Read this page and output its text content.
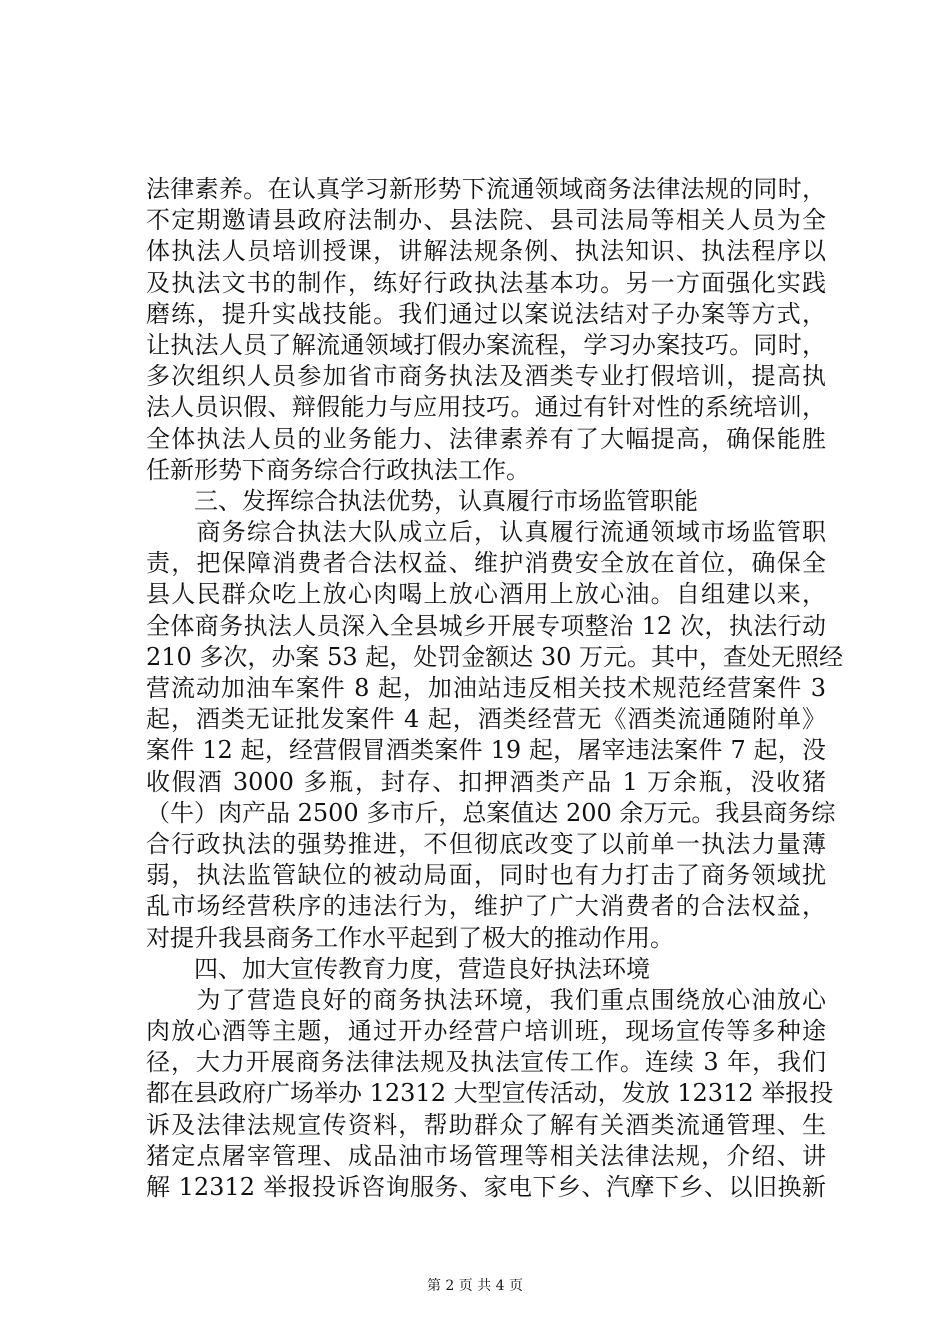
法律素养。在认真学习新形势下流通领域商务法律法规的同时，
不定期邀请县政府法制办、县法院、县司法局等相关人员为全
体执法人员培训授课，讲解法规条例、执法知识、执法程序以
及执法文书的制作，练好行政执法基本功。另一方面强化实践
磨练，提升实战技能。我们通过以案说法结对子办案等方式，
让执法人员了解流通领域打假办案流程，学习办案技巧。同时，
多次组织人员参加省市商务执法及酒类专业打假培训，提高执
法人员识假、辩假能力与应用技巧。通过有针对性的系统培训，
全体执法人员的业务能力、法律素养有了大幅提高，确保能胜
任新形势下商务综合行政执法工作。
　　三、发挥综合执法优势，认真履行市场监管职能
　　商务综合执法大队成立后，认真履行流通领域市场监管职
责，把保障消费者合法权益、维护消费安全放在首位，确保全
县人民群众吃上放心肉喝上放心酒用上放心油。自组建以来，
全体商务执法人员深入全县城乡开展专项整治 12 次，执法行动
210 多次，办案 53 起，处罚金额达 30 万元。其中，查处无照经
营流动加油车案件 8 起，加油站违反相关技术规范经营案件 3
起，酒类无证批发案件 4 起，酒类经营无《酒类流通随附单》
案件 12 起，经营假冒酒类案件 19 起，屠宰违法案件 7 起，没
收假酒 3000 多瓶，封存、扣押酒类产品 1 万余瓶，没收猪
（牛）肉产品 2500 多市斤，总案值达 200 余万元。我县商务综
合行政执法的强势推进，不但彻底改变了以前单一执法力量薄
弱，执法监管缺位的被动局面，同时也有力打击了商务领域扰
乱市场经营秩序的违法行为，维护了广大消费者的合法权益，
对提升我县商务工作水平起到了极大的推动作用。
　　四、加大宣传教育力度，营造良好执法环境
　　为了营造良好的商务执法环境，我们重点围绕放心油放心
肉放心酒等主题，通过开办经营户培训班，现场宣传等多种途
径，大力开展商务法律法规及执法宣传工作。连续 3 年，我们
都在县政府广场举办 12312 大型宣传活动，发放 12312 举报投
诉及法律法规宣传资料，帮助群众了解有关酒类流通管理、生
猪定点屠宰管理、成品油市场管理等相关法律法规，介绍、讲
解 12312 举报投诉咨询服务、家电下乡、汽摩下乡、以旧换新
第 2 页 共 4 页
